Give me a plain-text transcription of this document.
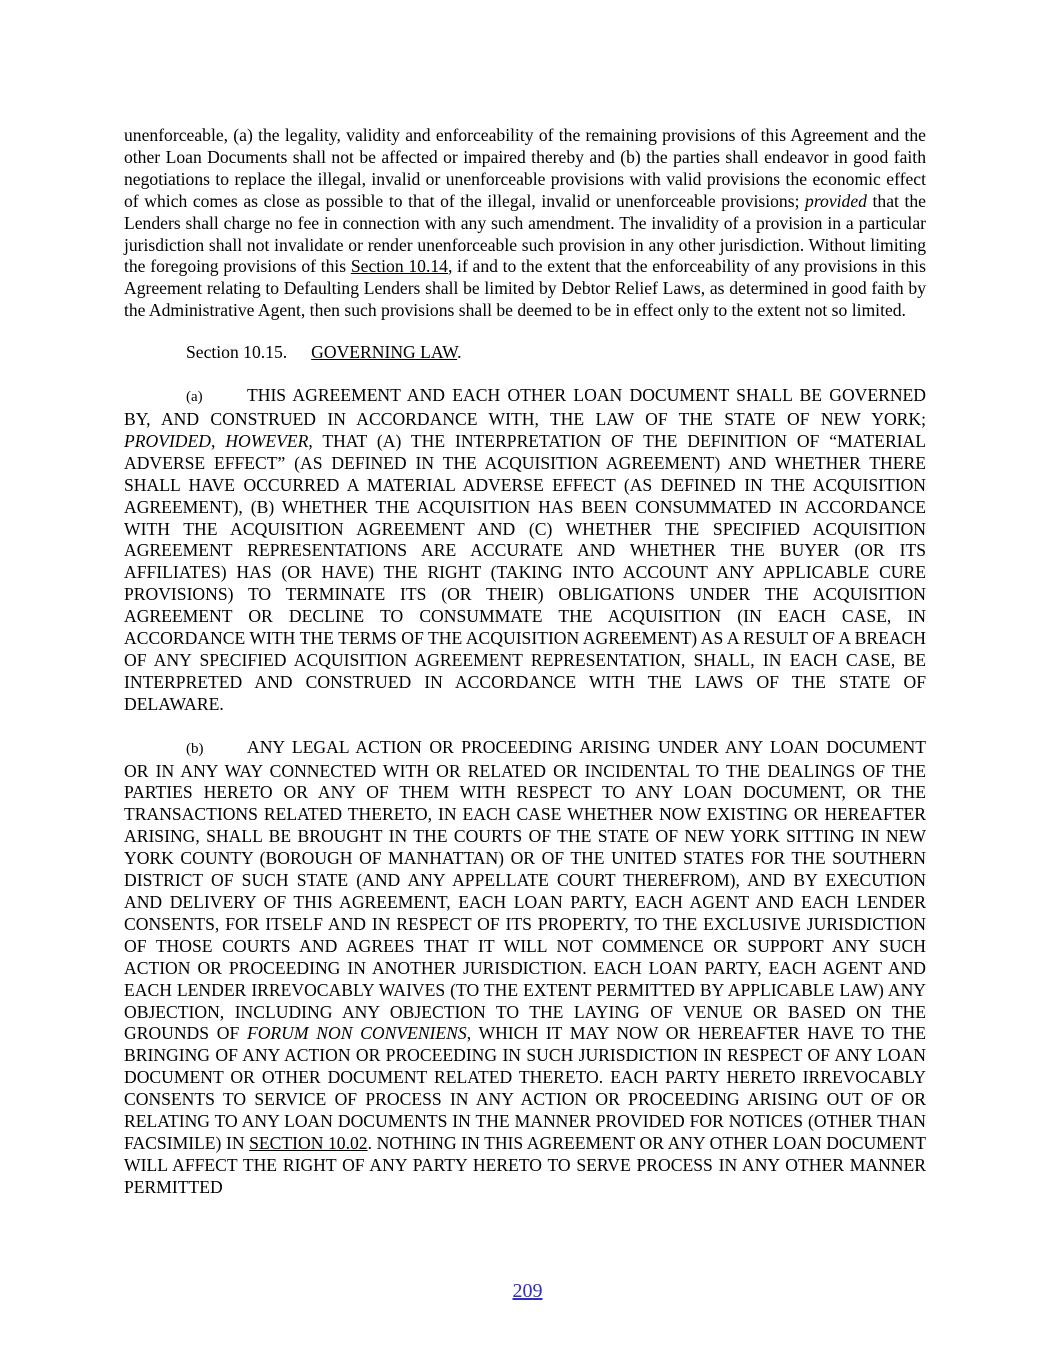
unenforceable, (a) the legality, validity and enforceability of the remaining provisions of this Agreement and the other Loan Documents shall not be affected or impaired thereby and (b) the parties shall endeavor in good faith negotiations to replace the illegal, invalid or unenforceable provisions with valid provisions the economic effect of which comes as close as possible to that of the illegal, invalid or unenforceable provisions; provided that the Lenders shall charge no fee in connection with any such amendment. The invalidity of a provision in a particular jurisdiction shall not invalidate or render unenforceable such provision in any other jurisdiction. Without limiting the foregoing provisions of this Section 10.14, if and to the extent that the enforceability of any provisions in this Agreement relating to Defaulting Lenders shall be limited by Debtor Relief Laws, as determined in good faith by the Administrative Agent, then such provisions shall be deemed to be in effect only to the extent not so limited.

Section 10.15. GOVERNING LAW.

(a)	THIS AGREEMENT AND EACH OTHER LOAN DOCUMENT SHALL BE GOVERNED BY, AND CONSTRUED IN ACCORDANCE WITH, THE LAW OF THE STATE OF NEW YORK; PROVIDED, HOWEVER, THAT (A) THE INTERPRETATION OF THE DEFINITION OF “MATERIAL ADVERSE EFFECT” (AS DEFINED IN THE ACQUISITION AGREEMENT) AND WHETHER THERE SHALL HAVE OCCURRED A MATERIAL ADVERSE EFFECT (AS DEFINED IN THE ACQUISITION AGREEMENT), (B) WHETHER THE ACQUISITION HAS BEEN CONSUMMATED IN ACCORDANCE WITH THE ACQUISITION AGREEMENT AND (C) WHETHER THE SPECIFIED ACQUISITION AGREEMENT REPRESENTATIONS ARE ACCURATE AND WHETHER THE BUYER (OR ITS AFFILIATES) HAS (OR HAVE) THE RIGHT (TAKING INTO ACCOUNT ANY APPLICABLE CURE PROVISIONS) TO TERMINATE ITS (OR THEIR) OBLIGATIONS UNDER THE ACQUISITION AGREEMENT OR DECLINE TO CONSUMMATE THE ACQUISITION (IN EACH CASE, IN ACCORDANCE WITH THE TERMS OF THE ACQUISITION AGREEMENT) AS A RESULT OF A BREACH OF ANY SPECIFIED ACQUISITION AGREEMENT REPRESENTATION, SHALL, IN EACH CASE, BE INTERPRETED AND CONSTRUED IN ACCORDANCE WITH THE LAWS OF THE STATE OF DELAWARE.

(b) ANY LEGAL ACTION OR PROCEEDING ARISING UNDER ANY LOAN DOCUMENT OR IN ANY WAY CONNECTED WITH OR RELATED OR INCIDENTAL TO THE DEALINGS OF THE PARTIES HERETO OR ANY OF THEM WITH RESPECT TO ANY LOAN DOCUMENT, OR THE TRANSACTIONS RELATED THERETO, IN EACH CASE WHETHER NOW EXISTING OR HEREAFTER ARISING, SHALL BE BROUGHT IN THE COURTS OF THE STATE OF NEW YORK SITTING IN NEW YORK COUNTY (BOROUGH OF MANHATTAN) OR OF THE UNITED STATES FOR THE SOUTHERN DISTRICT OF SUCH STATE (AND ANY APPELLATE COURT THEREFROM), AND BY EXECUTION AND DELIVERY OF THIS AGREEMENT, EACH LOAN PARTY, EACH AGENT AND EACH LENDER CONSENTS, FOR ITSELF AND IN RESPECT OF ITS PROPERTY, TO THE EXCLUSIVE JURISDICTION OF THOSE COURTS AND AGREES THAT IT WILL NOT COMMENCE OR SUPPORT ANY SUCH ACTION OR PROCEEDING IN ANOTHER JURISDICTION. EACH LOAN PARTY, EACH AGENT AND EACH LENDER IRREVOCABLY WAIVES (TO THE EXTENT PERMITTED BY APPLICABLE LAW) ANY OBJECTION, INCLUDING ANY OBJECTION TO THE LAYING OF VENUE OR BASED ON THE GROUNDS OF FORUM NON CONVENIENS, WHICH IT MAY NOW OR HEREAFTER HAVE TO THE BRINGING OF ANY ACTION OR PROCEEDING IN SUCH JURISDICTION IN RESPECT OF ANY LOAN DOCUMENT OR OTHER DOCUMENT RELATED THERETO. EACH PARTY HERETO IRREVOCABLY CONSENTS TO SERVICE OF PROCESS IN ANY ACTION OR PROCEEDING ARISING OUT OF OR RELATING TO ANY LOAN DOCUMENTS IN THE MANNER PROVIDED FOR NOTICES (OTHER THAN FACSIMILE) IN SECTION 10.02. NOTHING IN THIS AGREEMENT OR ANY OTHER LOAN DOCUMENT WILL AFFECT THE RIGHT OF ANY PARTY HERETO TO SERVE PROCESS IN ANY OTHER MANNER PERMITTED

209
